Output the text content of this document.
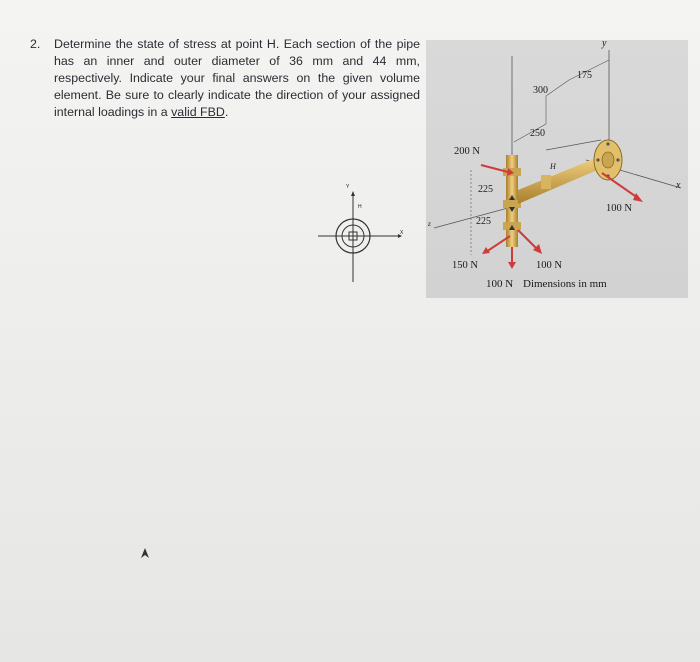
2. Determine the state of stress at point H. Each section of the pipe has an inner and outer diameter of 36 mm and 44 mm, respectively. Indicate your final answers on the given volume element. Be sure to clearly indicate the direction of your assigned internal loadings in a valid FBD.
Y
X
H
300
175
250
225
225
200 N
150 N	100 N
100 N
100 N Dimensions in mm
y
x
z
H
